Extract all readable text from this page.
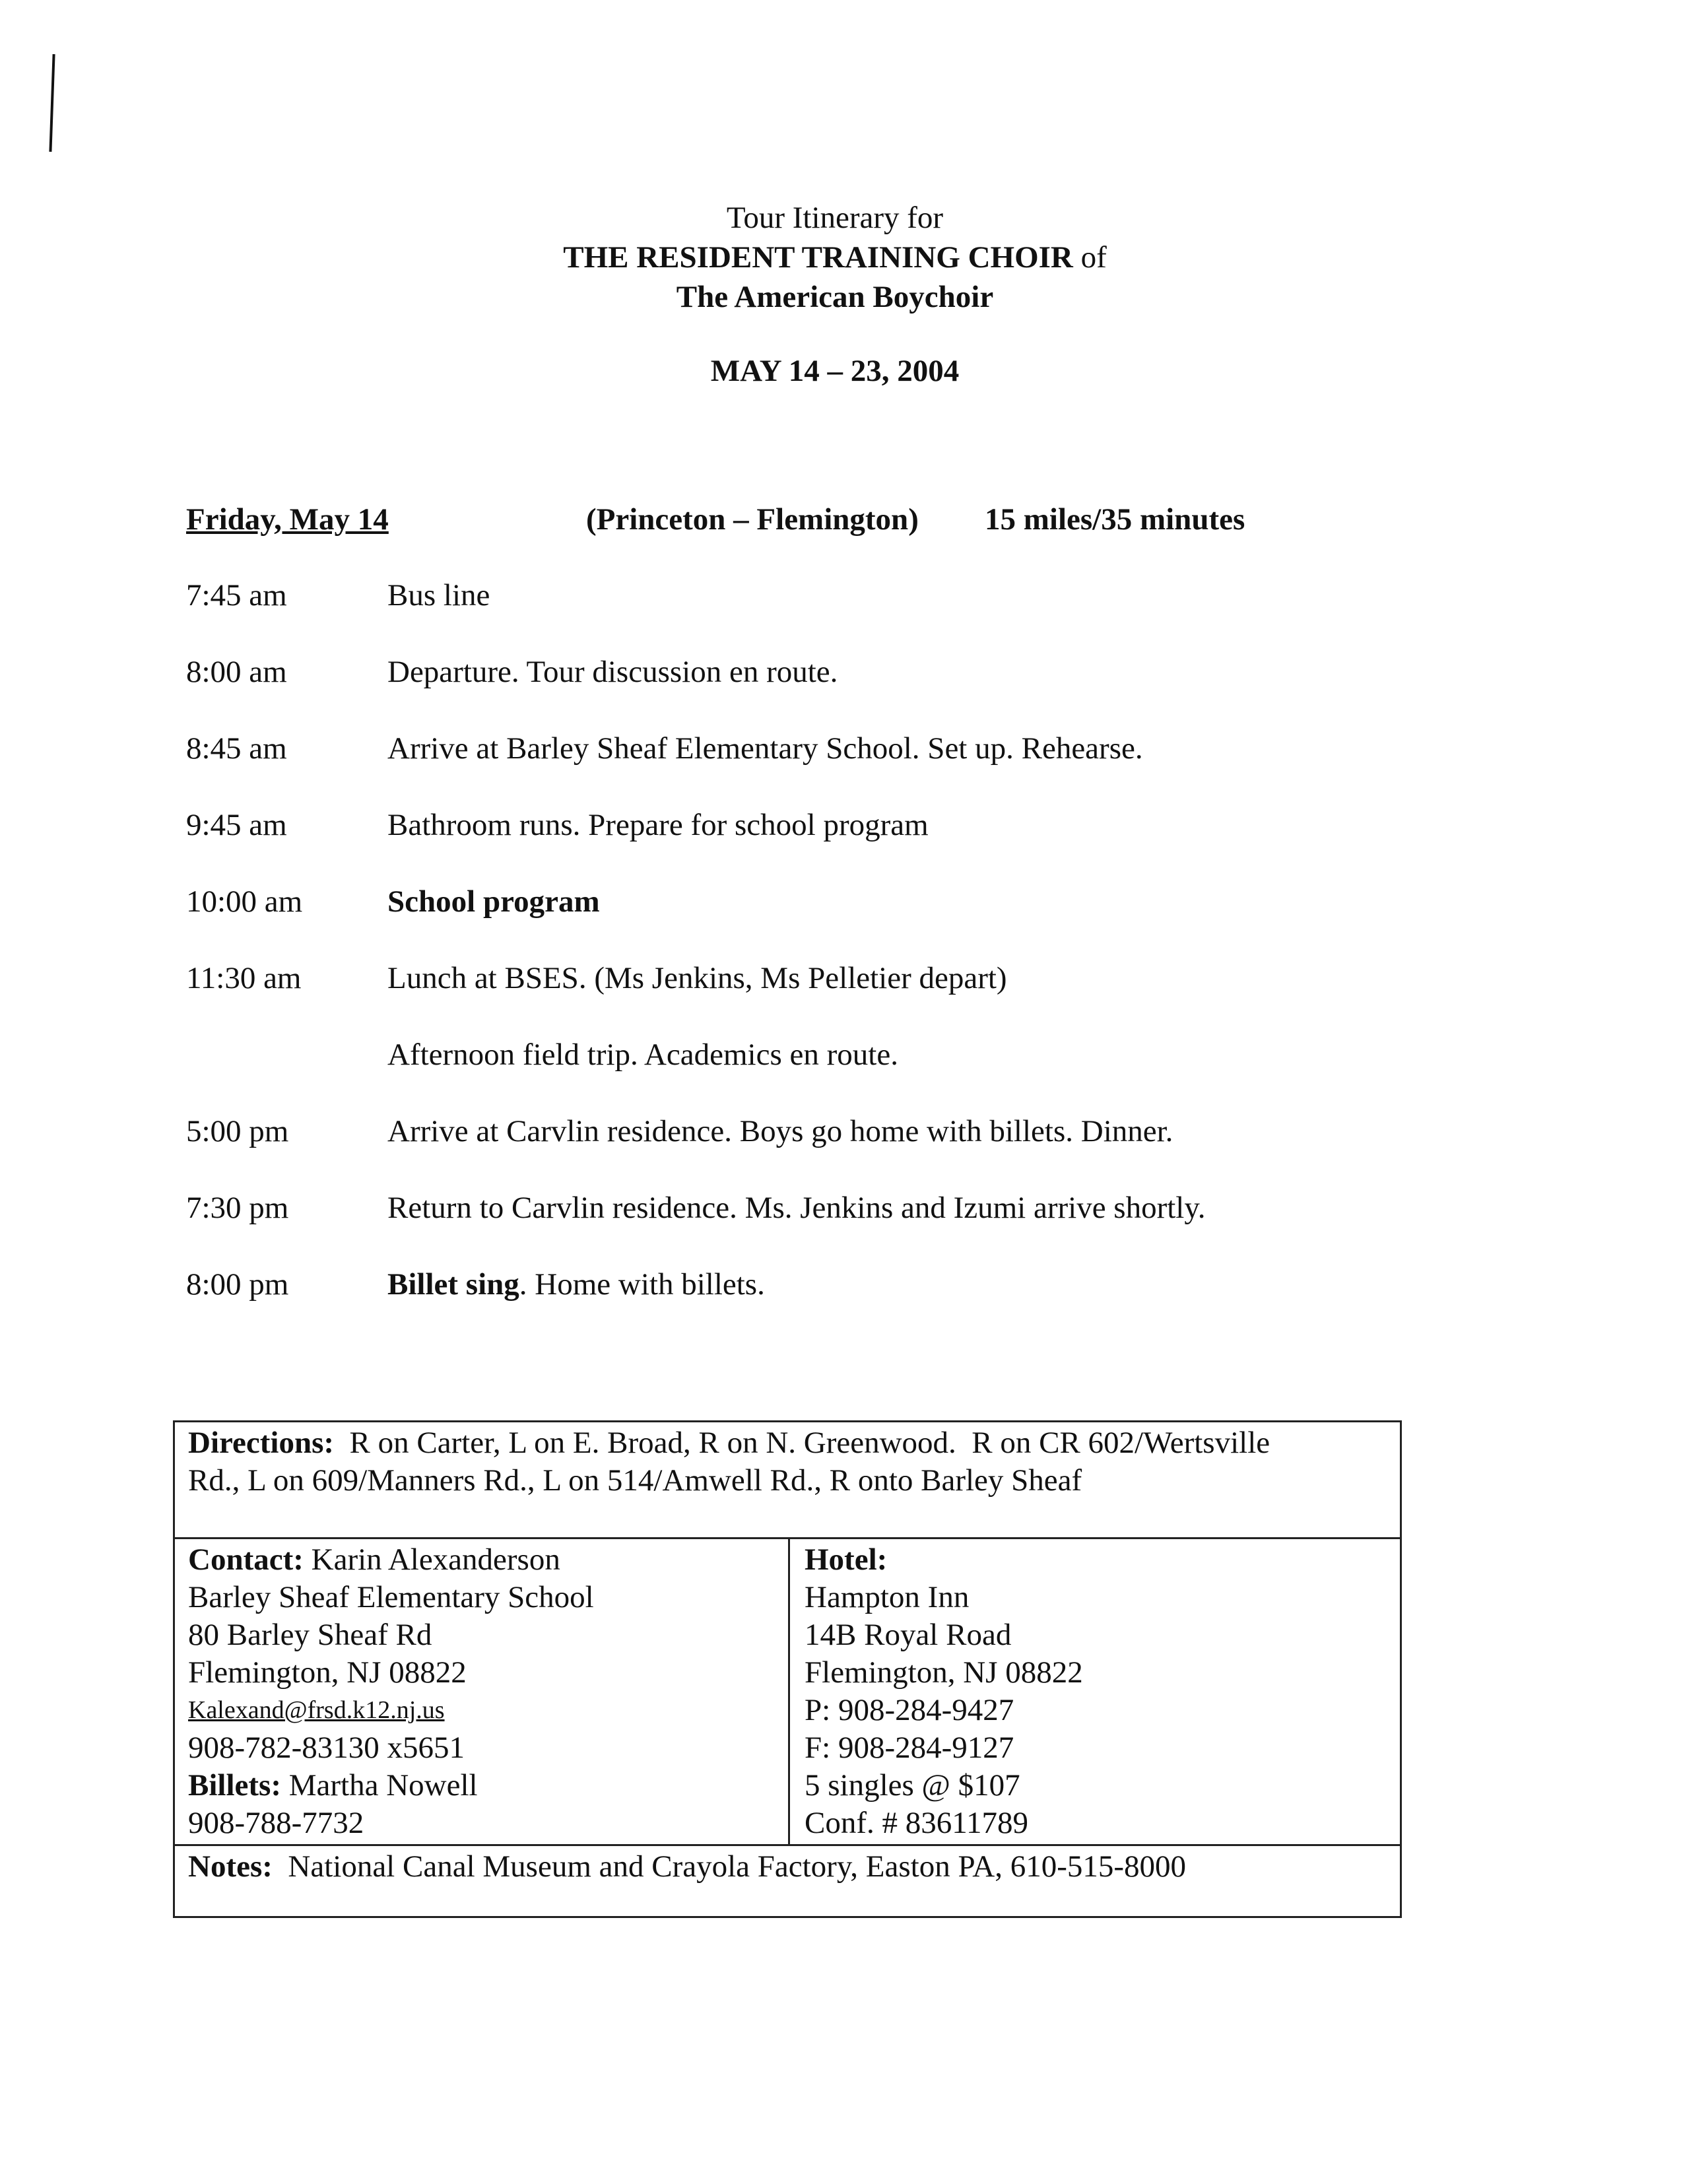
Tour Itinerary for
THE RESIDENT TRAINING CHOIR of
The American Boychoir
MAY 14 – 23, 2004
Friday, May 14	(Princeton – Flemington) 15 miles/35 minutes
7:45 am	Bus line
8:00 am	Departure. Tour discussion en route.
8:45 am	Arrive at Barley Sheaf Elementary School. Set up. Rehearse.
9:45 am	Bathroom runs. Prepare for school program
10:00 am	School program
11:30 am	Lunch at BSES. (Ms Jenkins, Ms Pelletier depart)
Afternoon field trip. Academics en route.
5:00 pm	Arrive at Carvlin residence. Boys go home with billets. Dinner.
7:30 pm	Return to Carvlin residence. Ms. Jenkins and Izumi arrive shortly.
8:00 pm	Billet sing. Home with billets.
Directions:  R on Carter, L on E. Broad, R on N. Greenwood.  R on CR 602/Wertsville
Rd., L on 609/Manners Rd., L on 514/Amwell Rd., R onto Barley Sheaf
Contact: Karin Alexanderson
Barley Sheaf Elementary School
80 Barley Sheaf Rd
Flemington, NJ 08822
Kalexand@frsd.k12.nj.us
908-782-83130 x5651
Billets: Martha Nowell
908-788-7732
Hotel:
Hampton Inn
14B Royal Road
Flemington, NJ 08822
P: 908-284-9427
F: 908-284-9127
5 singles @ $107
Conf. # 83611789
Notes:  National Canal Museum and Crayola Factory, Easton PA, 610-515-8000
